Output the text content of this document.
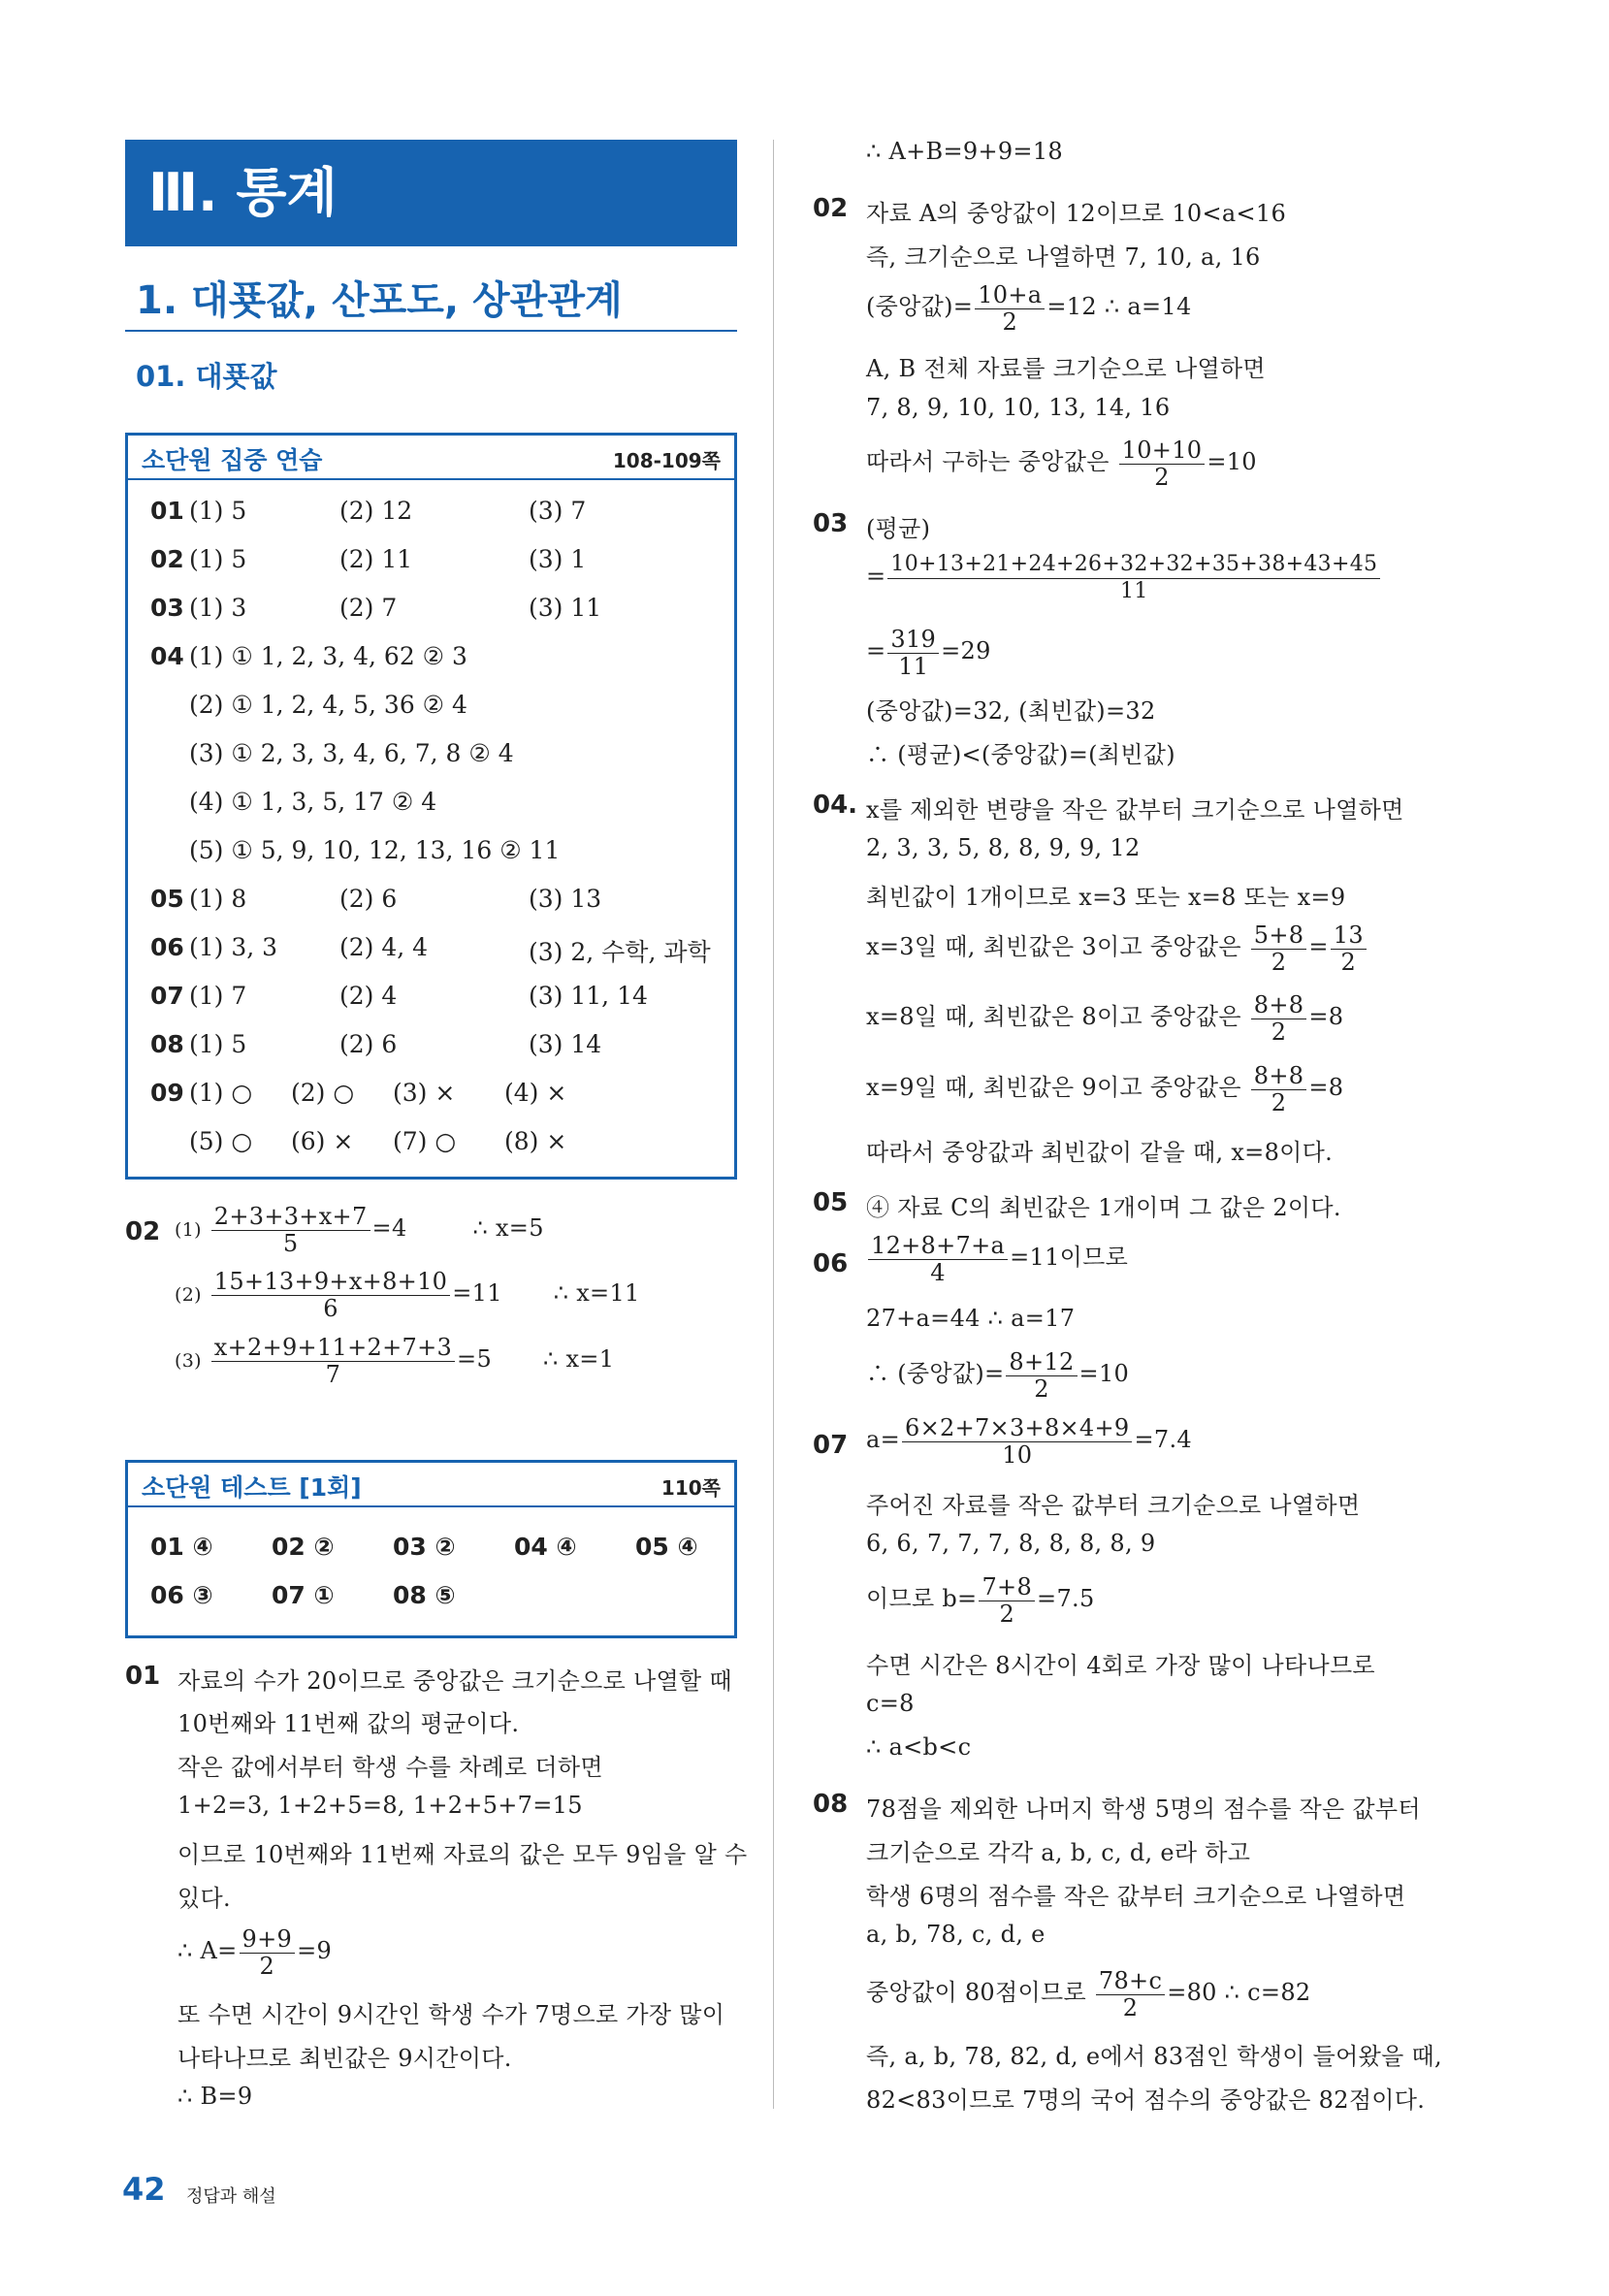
Ⅲ. 통계
1. 대푯값, 산포도, 상관관계
01. 대푯값
소단원 집중 연습	108-109쪽
01 (1) 5	(2) 12	(3) 7
02 (1) 5	(2) 11	(3) 1
03 (1) 3	(2) 7	(3) 11
04 (1) ① 1, 2, 3, 4, 62 ② 3
(2) ① 1, 2, 4, 5, 36 ② 4
(3) ① 2, 3, 3, 4, 6, 7, 8 ② 4
(4) ① 1, 3, 5, 17 ② 4
(5) ① 5, 9, 10, 12, 13, 16 ② 11
05 (1) 8	(2) 6	(3) 13
06 (1) 3, 3	(2) 4, 4	(3) 2, 수학, 과학
07 (1) 7	(2) 4	(3) 11, 14
08 (1) 5	(2) 6	(3) 14
09 (1) ○ (2) ○ (3) × (4) ×
(5) ○ (6) × (7) ○ (8) ×
02 $(1) \frac{2+3+3+x+7}{5} =4$	∴ x=5
$(2) \frac{15+13+9+x+8+10}{6} =11$ ∴ x=11
$(3) \frac{x+2+9+11+2+7+3}{7} =5$ ∴ x=1
소단원 테스트 [1회]	110쪽
01 ④ 02 ② 03 ② 04 ④ 05 ④
06 ③ 07 ① 08 ⑤
01 자료의 수가 20이므로 중앙값은 크기순으로 나열할 때
10번째와 11번째 값의 평균이다.
작은 값에서부터 학생 수를 차례로 더하면
1+2=3, 1+2+5=8, 1+2+5+7=15
이므로 10번째와 11번째 자료의 값은 모두 9임을 알 수
있다.
∴ $A= \frac{9+9}{2} =9$
또 수면 시간이 9시간인 학생 수가 7명으로 가장 많이
나타나므로 최빈값은 9시간이다.
∴ B=9
∴ A+B=9+9=18
02 자료 A의 중앙값이 12이므로 10<a<16
즉, 크기순으로 나열하면 7, 10, a, 16
(중앙값)= $\frac{10+a}{2} =12$ ∴ a=14
A, B 전체 자료를 크기순으로 나열하면
7, 8, 9, 10, 10, 13, 14, 16
따라서 구하는 중앙값은 $\frac{10+10}{2} =10$
03 (평균)
= $\frac{10+13+21+24+26+32+32+35+38+43+45}{11}$
= $\frac{319}{11} =29$
(중앙값)=32, (최빈값)=32
∴ (평균)<(중앙값)=(최빈값)
04. x를 제외한 변량을 작은 값부터 크기순으로 나열하면
2, 3, 3, 5, 8, 8, 9, 9, 12
최빈값이 1개이므로 x=3 또는 x=8 또는 x=9
x=3일 때, 최빈값은 3이고 중앙값은 $\frac{5+8}{2} = \frac{13}{2}$
x=8일 때, 최빈값은 8이고 중앙값은 $\frac{8+8}{2} =8$
x=9일 때, 최빈값은 9이고 중앙값은 $\frac{8+8}{2} =8$
따라서 중앙값과 최빈값이 같을 때, x=8이다.
05 ④ 자료 C의 최빈값은 1개이며 그 값은 2이다.
$06 \frac{12+8+7+a}{4} =11$이므로
27+a=44 ∴ a=17
∴ (중앙값)= $\frac{8+12}{2} =10$
07 $a= \frac{6\times 2+7\times 3+8\times 4+9}{10} =7.4$
주어진 자료를 작은 값부터 크기순으로 나열하면
6, 6, 7, 7, 7, 8, 8, 8, 8, 9
이므로 $b= \frac{7+8}{2} =7.5$
수면 시간은 8시간이 4회로 가장 많이 나타나므로
c=8
∴ a<b<c
08 78점을 제외한 나머지 학생 5명의 점수를 작은 값부터
크기순으로 각각 a, b, c, d, e라 하고
학생 6명의 점수를 작은 값부터 크기순으로 나열하면
a, b, 78, c, d, e
중앙값이 80점이므로 $\frac{78+c}{2} =80$ ∴ c=82
즉, a, b, 78, 82, d, e에서 83점인 학생이 들어왔을 때,
82<83이므로 7명의 국어 점수의 중앙값은 82점이다.
42 정답과 해설
